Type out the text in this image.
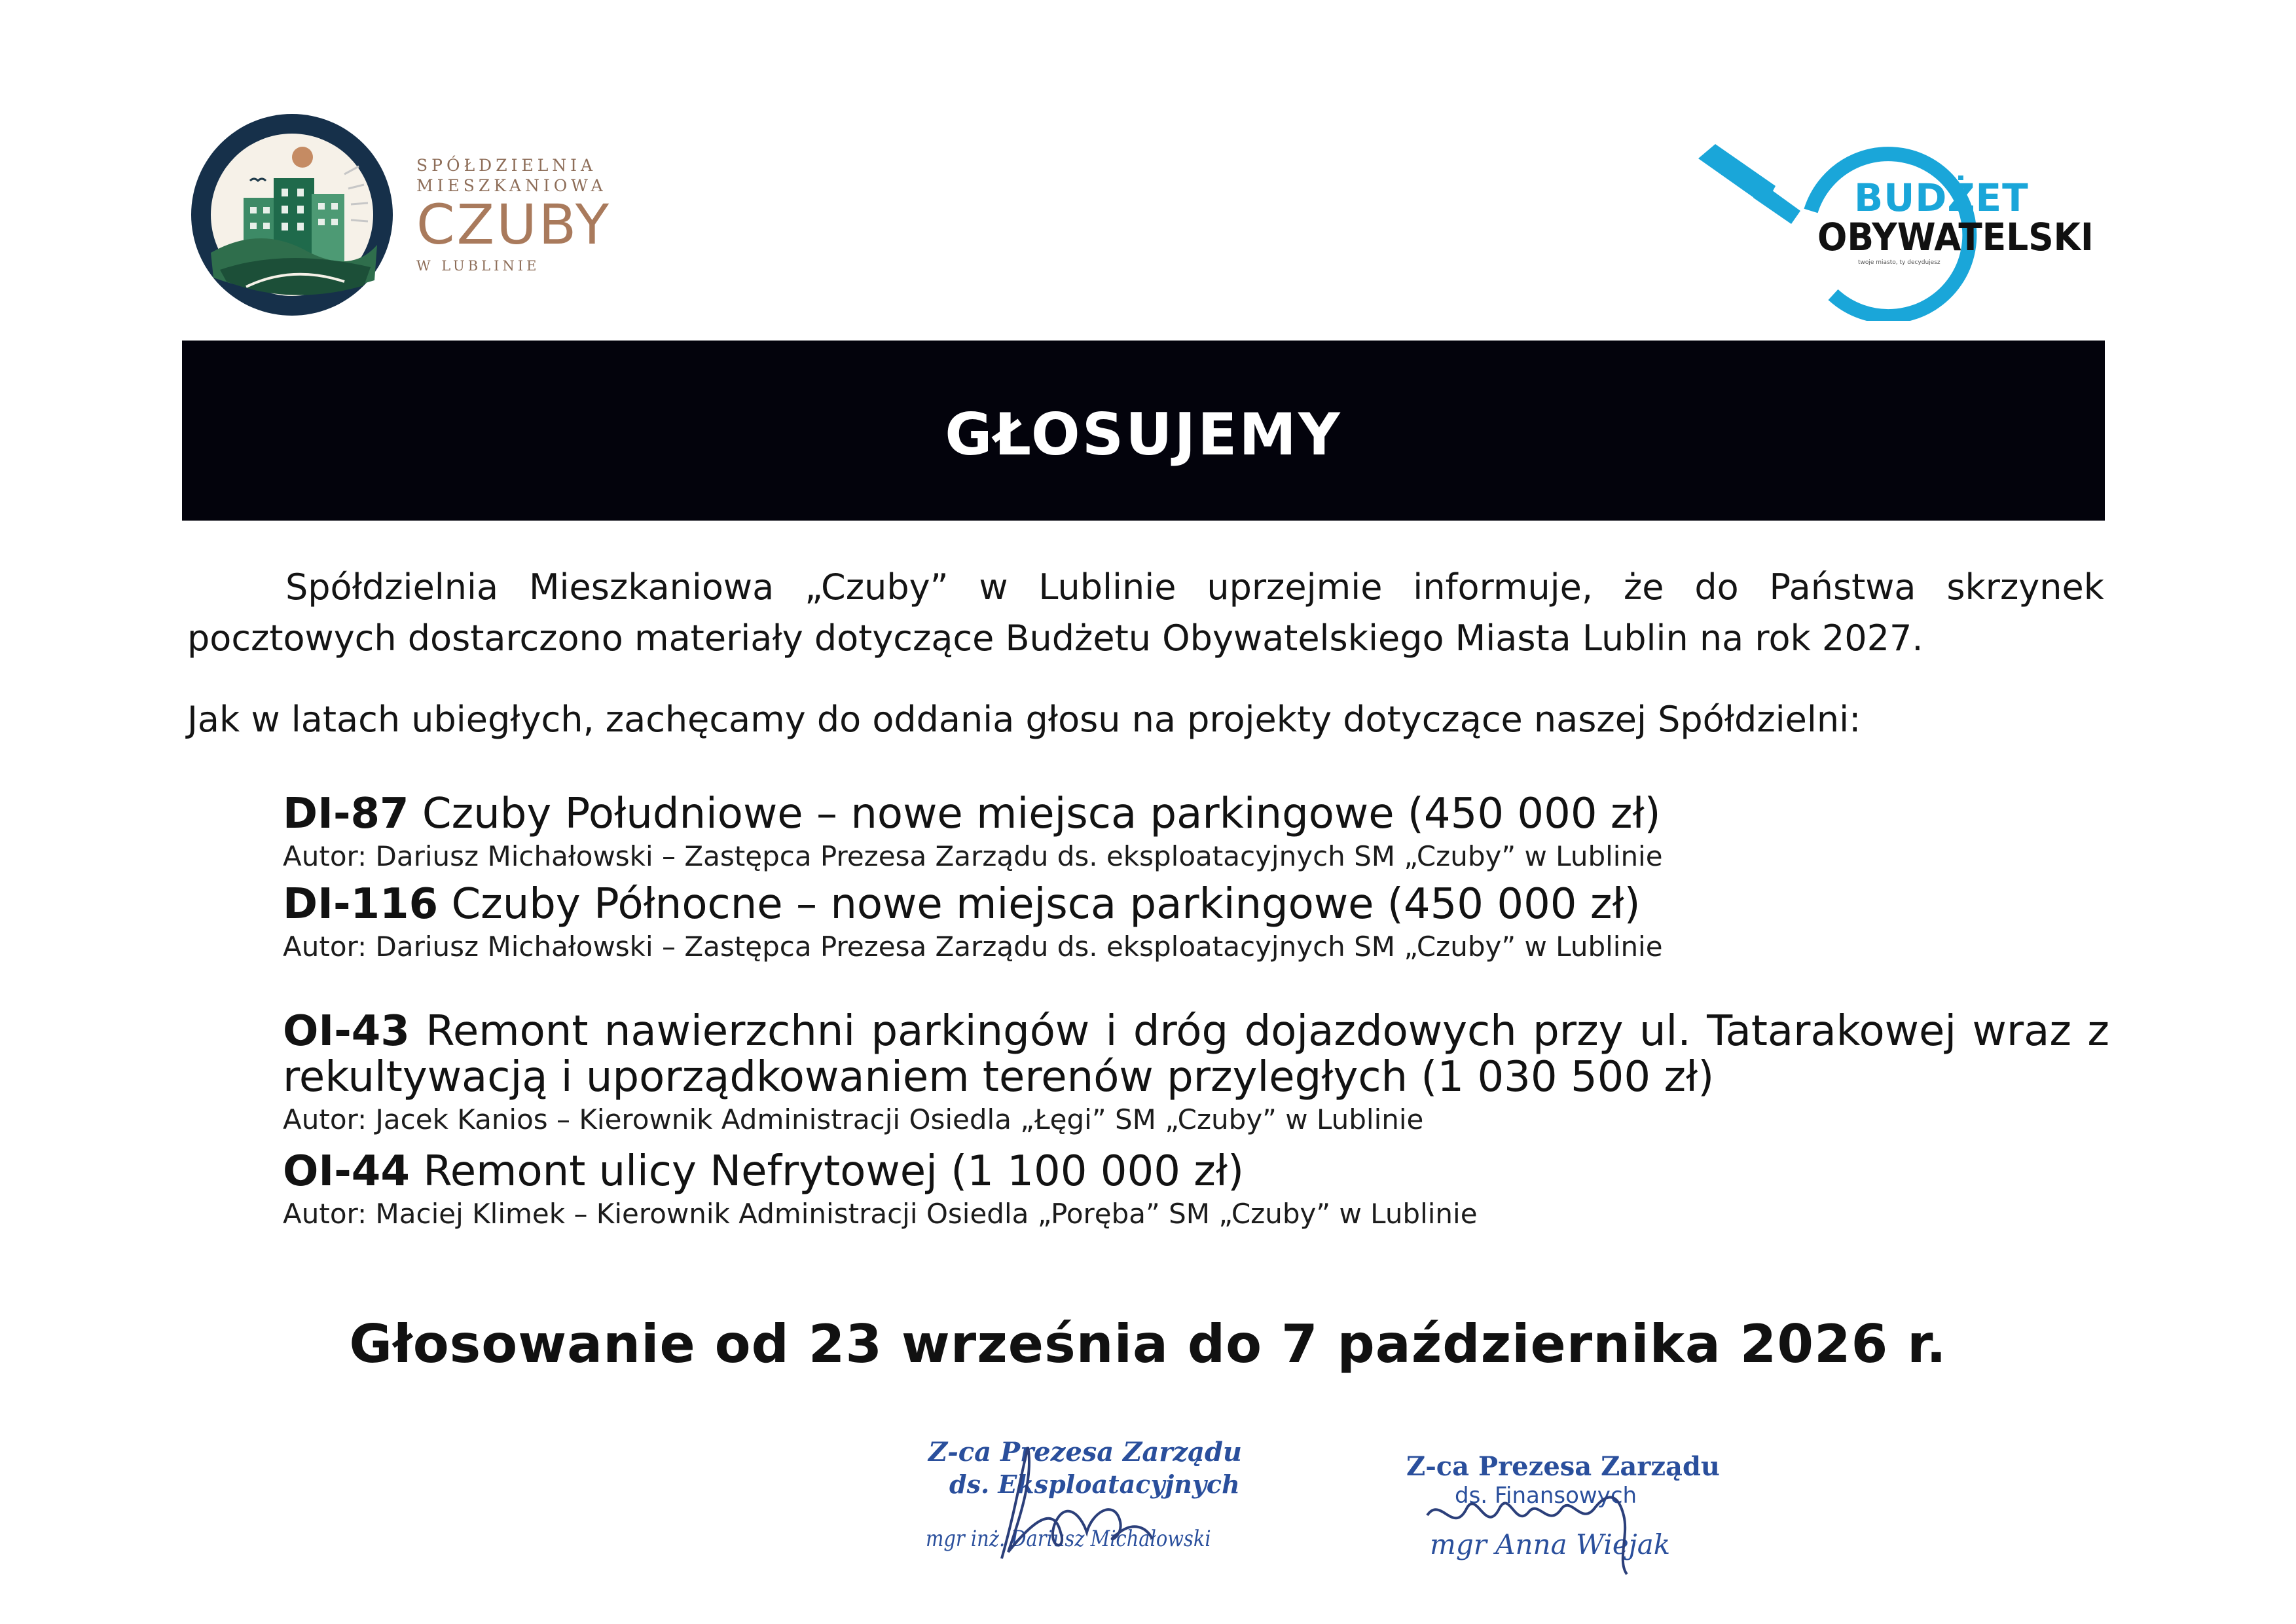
SPÓŁDZIELNIA
MIESZKANIOWA
CZUBY
W LUBLINIE
BUDŻET
OBYWATELSKI
twoje miasto, ty decydujesz
GŁOSUJEMY
Spółdzielnia Mieszkaniowa „Czuby” w Lublinie uprzejmie informuje, że do Państwa skrzynek pocztowych dostarczono materiały dotyczące Budżetu Obywatelskiego Miasta Lublin na rok 2027.
Jak w latach ubiegłych, zachęcamy do oddania głosu na projekty dotyczące naszej Spółdzielni:
DI-87 Czuby Południowe – nowe miejsca parkingowe (450 000 zł)
Autor: Dariusz Michałowski – Zastępca Prezesa Zarządu ds. eksploatacyjnych SM „Czuby” w Lublinie
DI-116 Czuby Północne – nowe miejsca parkingowe (450 000 zł)
Autor: Dariusz Michałowski – Zastępca Prezesa Zarządu ds. eksploatacyjnych SM „Czuby” w Lublinie
OI-43 Remont nawierzchni parkingów i dróg dojazdowych przy ul. Tatarakowej wraz z rekultywacją i uporządkowaniem terenów przyległych (1 030 500 zł)
Autor: Jacek Kanios – Kierownik Administracji Osiedla „Łęgi” SM „Czuby” w Lublinie
OI-44 Remont ulicy Nefrytowej (1 100 000 zł)
Autor: Maciej Klimek – Kierownik Administracji Osiedla „Poręba” SM „Czuby” w Lublinie
Głosowanie od 23 września do 7 października 2026 r.
Z-ca Prezesa Zarządu
ds. Eksploatacyjnych
mgr inż. Dariusz Michałowski
Z-ca Prezesa Zarządu
ds. Finansowych
mgr Anna Wiejak
